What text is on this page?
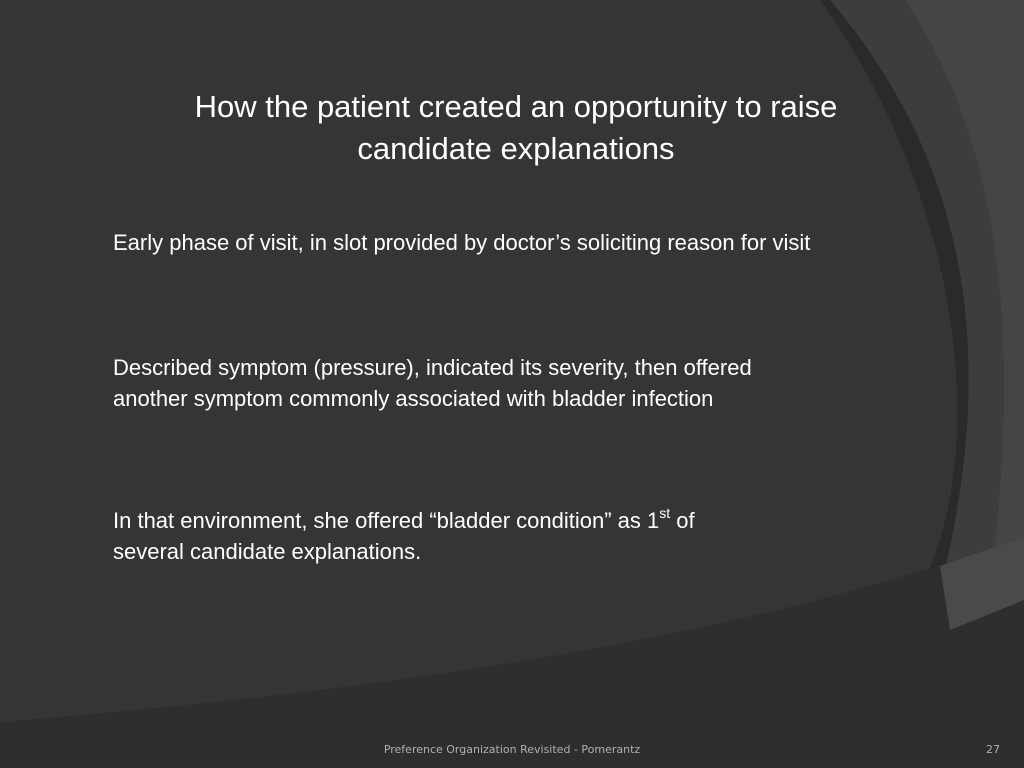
How the patient created an opportunity to raise
candidate explanations

Early phase of visit, in slot provided by doctor’s soliciting reason for visit

Described symptom (pressure), indicated its severity, then offered
another symptom commonly associated with bladder infection

In that environment, she offered “bladder condition” as 1st of
several candidate explanations.

Preference Organization Revisited - Pomerantz	27
